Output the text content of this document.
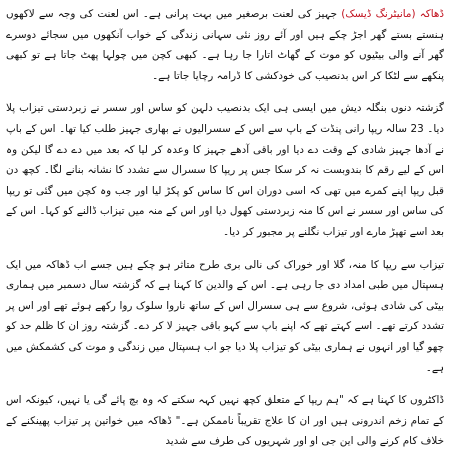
ڈھاکہ (مانیٹرنگ ڈیسک) جہیز کی لعنت برصغیر میں بہت پرانی ہے۔ اس لعنت کی وجہ سے لاکھوں ہنستے بستے گھر اجڑ چکے ہیں اور آئے روز نئی سہانی زندگی کے خواب آنکھوں میں سجائے دوسرے گھر آنے والی بیٹیوں کو موت کے گھاٹ اتارا جا رہا ہے۔ کبھی کچن میں چولہا پھٹ جاتا ہے تو کبھی پنکھے سے لٹکا کر اس بدنصیب کی خودکشی کا ڈرامہ رچایا جاتا ہے۔

گزشتہ دنوں بنگلہ دیش میں ایسی ہی ایک بدنصیب دلہن کو ساس اور سسر نے زبردستی تیزاب پلا دیا۔ 23 سالہ ریپا رانی پنڈت کے باپ سے اس کے سسرالیوں نے بھاری جہیز طلب کیا تھا۔ اس کے باپ نے آدھا جہیز شادی کے وقت دے دیا اور باقی آدھے جہیز کا وعدہ کر لیا کہ بعد میں دے دے گا لیکن وہ اس کے لیے رقم کا بندوبست نہ کر سکا جس پر ریپا کا سسرال سے تشدد کا نشانہ بنانے لگا۔ کچھ دن قبل ریپا اپنے کمرے میں تھی کہ اسی دوران اس کا ساس کو پکڑ لیا اور جب وہ کچن میں گئی تو ریپا کی ساس اور سسر نے اس کا منہ زبردستی کھول دیا اور اس کے منہ میں تیزاب ڈالنے کو کہا۔ اس کے بعد اسے تھپڑ مارے اور تیزاب نگلنے پر مجبور کر دیا۔

تیزاب سے ریپا کا منہ، گلا اور خوراک کی نالی بری طرح متاثر ہو چکے ہیں جسے اب ڈھاکہ میں ایک ہسپتال میں طبی امداد دی جا رہی ہے۔ اس کے والدین کا کہنا ہے کہ گزشتہ سال دسمبر میں ہماری بیٹی کی شادی ہوئی، شروع سے ہی سسرال اس کے ساتھ ناروا سلوک روا رکھے ہوئے تھے اور اس پر تشدد کرتے تھے۔ اسے کہتے تھے کہ اپنے باپ سے کہو باقی جہیز لا کر دے۔ گزشتہ روز ان کا ظلم حد کو چھو گیا اور انہوں نے ہماری بیٹی کو تیزاب پلا دیا جو اب ہسپتال میں زندگی و موت کی کشمکش میں ہے۔

ڈاکٹروں کا کہنا ہے کہ "ہم ریپا کے متعلق کچھ نہیں کہہ سکتے کہ وہ بچ پائے گی یا نہیں، کیونکہ اس کے تمام زخم اندرونی ہیں اور ان کا علاج تقریباً ناممکن ہے۔" ڈھاکہ میں خواتین پر تیزاب پھینکنے کے خلاف کام کرنے والی این جی او اور شہریوں کی طرف سے شدید
